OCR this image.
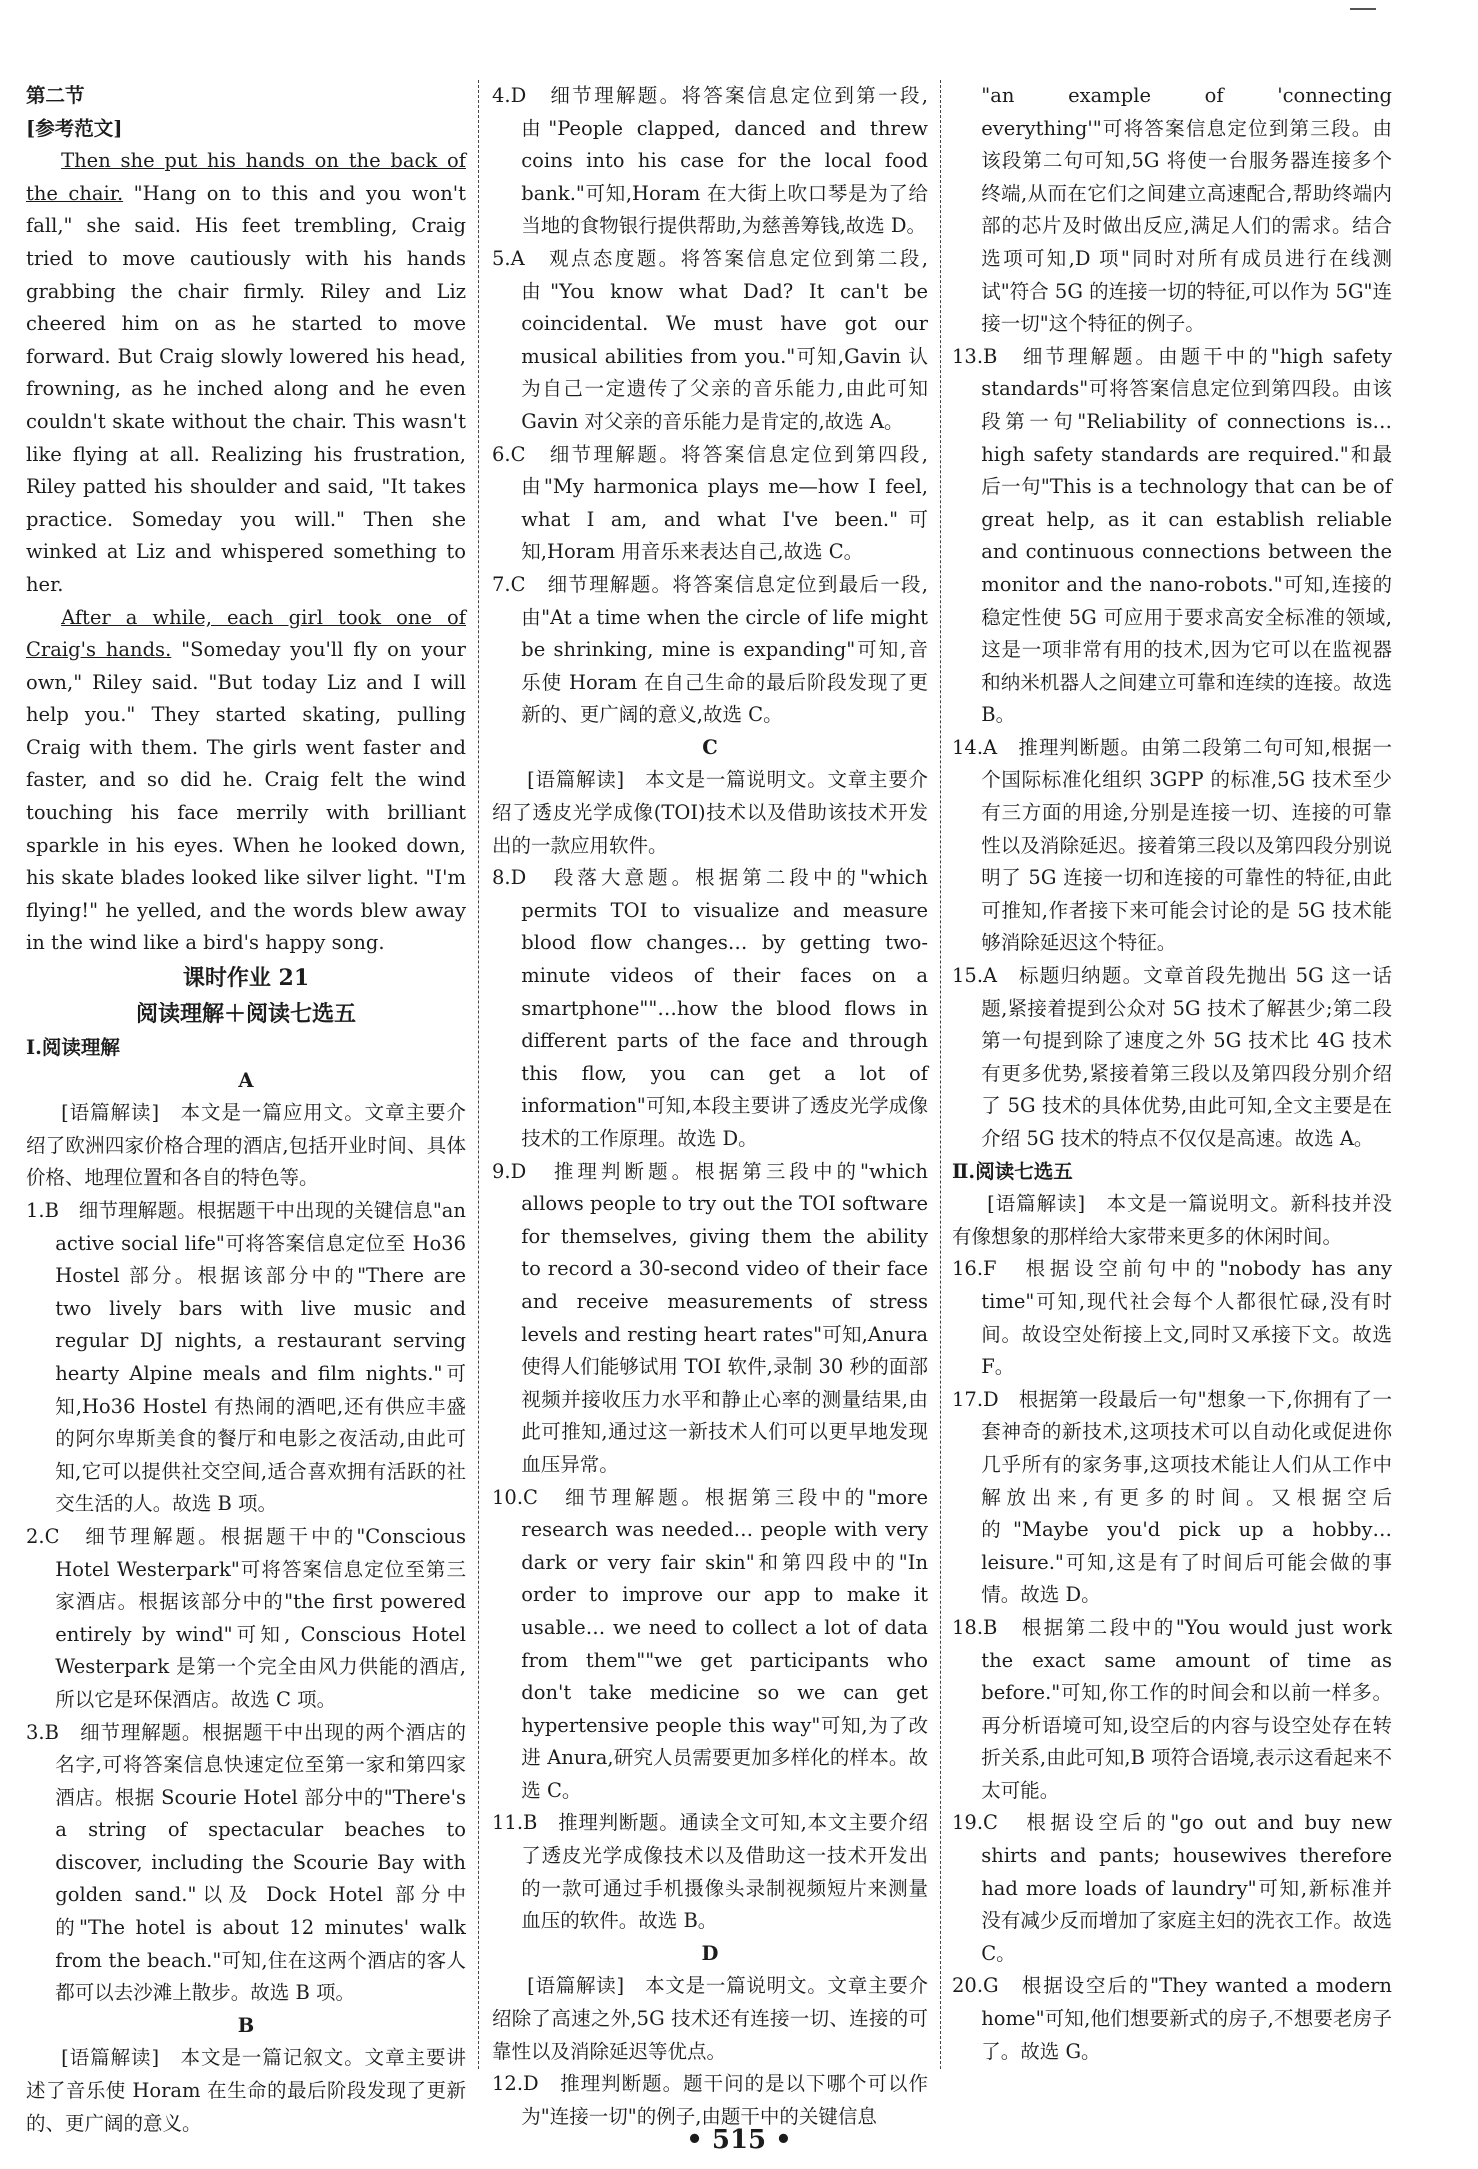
第二节

[参考范文]

Then she put his hands on the back of the chair. "Hang on to this and you won't fall," she said. His feet trembling, Craig tried to move cautiously with his hands grabbing the chair firmly. Riley and Liz cheered him on as he started to move forward. But Craig slowly lowered his head, frowning, as he inched along and he even couldn't skate without the chair. This wasn't like flying at all. Realizing his frustration, Riley patted his shoulder and said, "It takes practice. Someday you will." Then she winked at Liz and whispered something to her.

After a while, each girl took one of Craig's hands. "Someday you'll fly on your own," Riley said. "But today Liz and I will help you." They started skating, pulling Craig with them. The girls went faster and faster, and so did he. Craig felt the wind touching his face merrily with brilliant sparkle in his eyes. When he looked down, his skate blades looked like silver light. "I'm flying!" he yelled, and the words blew away in the wind like a bird's happy song.

课时作业 21

阅读理解＋阅读七选五

Ⅰ.阅读理解

A

[语篇解读]　本文是一篇应用文。文章主要介绍了欧洲四家价格合理的酒店,包括开业时间、具体价格、地理位置和各自的特色等。

1.B　细节理解题。根据题干中出现的关键信息"an active social life"可将答案信息定位至 Ho36 Hostel 部分。根据该部分中的"There are two lively bars with live music and regular DJ nights, a restaurant serving hearty Alpine meals and film nights."可知,Ho36 Hostel 有热闹的酒吧,还有供应丰盛的阿尔卑斯美食的餐厅和电影之夜活动,由此可知,它可以提供社交空间,适合喜欢拥有活跃的社交生活的人。故选 B 项。

2.C　细节理解题。根据题干中的"Conscious Hotel Westerpark"可将答案信息定位至第三家酒店。根据该部分中的"the first powered entirely by wind"可知, Conscious Hotel Westerpark 是第一个完全由风力供能的酒店,所以它是环保酒店。故选 C 项。

3.B　细节理解题。根据题干中出现的两个酒店的名字,可将答案信息快速定位至第一家和第四家酒店。根据 Scourie Hotel 部分中的"There's a string of spectacular beaches to discover, including the Scourie Bay with golden sand."以及 Dock Hotel 部分中的"The hotel is about 12 minutes' walk from the beach."可知,住在这两个酒店的客人都可以去沙滩上散步。故选 B 项。

B

[语篇解读]　本文是一篇记叙文。文章主要讲述了音乐使 Horam 在生命的最后阶段发现了更新的、更广阔的意义。

4.D　细节理解题。将答案信息定位到第一段,由"People clapped, danced and threw coins into his case for the local food bank."可知,Horam 在大街上吹口琴是为了给当地的食物银行提供帮助,为慈善筹钱,故选 D。

5.A　观点态度题。将答案信息定位到第二段,由"You know what Dad? It can't be coincidental. We must have got our musical abilities from you."可知,Gavin 认为自己一定遗传了父亲的音乐能力,由此可知 Gavin 对父亲的音乐能力是肯定的,故选 A。

6.C　细节理解题。将答案信息定位到第四段,由"My harmonica plays me—how I feel, what I am, and what I've been."可知,Horam 用音乐来表达自己,故选 C。

7.C　细节理解题。将答案信息定位到最后一段,由"At a time when the circle of life might be shrinking, mine is expanding"可知,音乐使 Horam 在自己生命的最后阶段发现了更新的、更广阔的意义,故选 C。

C

[语篇解读]　本文是一篇说明文。文章主要介绍了透皮光学成像(TOI)技术以及借助该技术开发出的一款应用软件。

8.D　段落大意题。根据第二段中的"which permits TOI to visualize and measure blood flow changes… by getting two-minute videos of their faces on a smartphone""…how the blood flows in different parts of the face and through this flow, you can get a lot of information"可知,本段主要讲了透皮光学成像技术的工作原理。故选 D。

9.D　推理判断题。根据第三段中的"which allows people to try out the TOI software for themselves, giving them the ability to record a 30-second video of their face and receive measurements of stress levels and resting heart rates"可知,Anura 使得人们能够试用 TOI 软件,录制 30 秒的面部视频并接收压力水平和静止心率的测量结果,由此可推知,通过这一新技术人们可以更早地发现血压异常。

10.C　细节理解题。根据第三段中的"more research was needed… people with very dark or very fair skin"和第四段中的"In order to improve our app to make it usable… we need to collect a lot of data from them""we get participants who don't take medicine so we can get hypertensive people this way"可知,为了改进 Anura,研究人员需要更加多样化的样本。故选 C。

11.B　推理判断题。通读全文可知,本文主要介绍了透皮光学成像技术以及借助这一技术开发出的一款可通过手机摄像头录制视频短片来测量血压的软件。故选 B。

D

[语篇解读]　本文是一篇说明文。文章主要介绍除了高速之外,5G 技术还有连接一切、连接的可靠性以及消除延迟等优点。

12.D　推理判断题。题干问的是以下哪个可以作为"连接一切"的例子,由题干中的关键信息

"an example of 'connecting everything'"可将答案信息定位到第三段。由该段第二句可知,5G 将使一台服务器连接多个终端,从而在它们之间建立高速配合,帮助终端内部的芯片及时做出反应,满足人们的需求。结合选项可知,D 项"同时对所有成员进行在线测试"符合 5G 的连接一切的特征,可以作为 5G"连接一切"这个特征的例子。

13.B　细节理解题。由题干中的"high safety standards"可将答案信息定位到第四段。由该段第一句"Reliability of connections is… high safety standards are required."和最后一句"This is a technology that can be of great help, as it can establish reliable and continuous connections between the monitor and the nano-robots."可知,连接的稳定性使 5G 可应用于要求高安全标准的领域,这是一项非常有用的技术,因为它可以在监视器和纳米机器人之间建立可靠和连续的连接。故选 B。

14.A　推理判断题。由第二段第二句可知,根据一个国际标准化组织 3GPP 的标准,5G 技术至少有三方面的用途,分别是连接一切、连接的可靠性以及消除延迟。接着第三段以及第四段分别说明了 5G 连接一切和连接的可靠性的特征,由此可推知,作者接下来可能会讨论的是 5G 技术能够消除延迟这个特征。

15.A　标题归纳题。文章首段先抛出 5G 这一话题,紧接着提到公众对 5G 技术了解甚少;第二段第一句提到除了速度之外 5G 技术比 4G 技术有更多优势,紧接着第三段以及第四段分别介绍了 5G 技术的具体优势,由此可知,全文主要是在介绍 5G 技术的特点不仅仅是高速。故选 A。

Ⅱ.阅读七选五

[语篇解读]　本文是一篇说明文。新科技并没有像想象的那样给大家带来更多的休闲时间。

16.F　根据设空前句中的"nobody has any time"可知,现代社会每个人都很忙碌,没有时间。故设空处衔接上文,同时又承接下文。故选 F。

17.D　根据第一段最后一句"想象一下,你拥有了一套神奇的新技术,这项技术可以自动化或促进你几乎所有的家务事,这项技术能让人们从工作中解放出来,有更多的时间。又根据空后的"Maybe you'd pick up a hobby… leisure."可知,这是有了时间后可能会做的事情。故选 D。

18.B　根据第二段中的"You would just work the exact same amount of time as before."可知,你工作的时间会和以前一样多。再分析语境可知,设空后的内容与设空处存在转折关系,由此可知,B 项符合语境,表示这看起来不太可能。

19.C　根据设空后的"go out and buy new shirts and pants; housewives therefore had more loads of laundry"可知,新标准并没有减少反而增加了家庭主妇的洗衣工作。故选 C。

20.G　根据设空后的"They wanted a modern home"可知,他们想要新式的房子,不想要老房子了。故选 G。

• 515 •
